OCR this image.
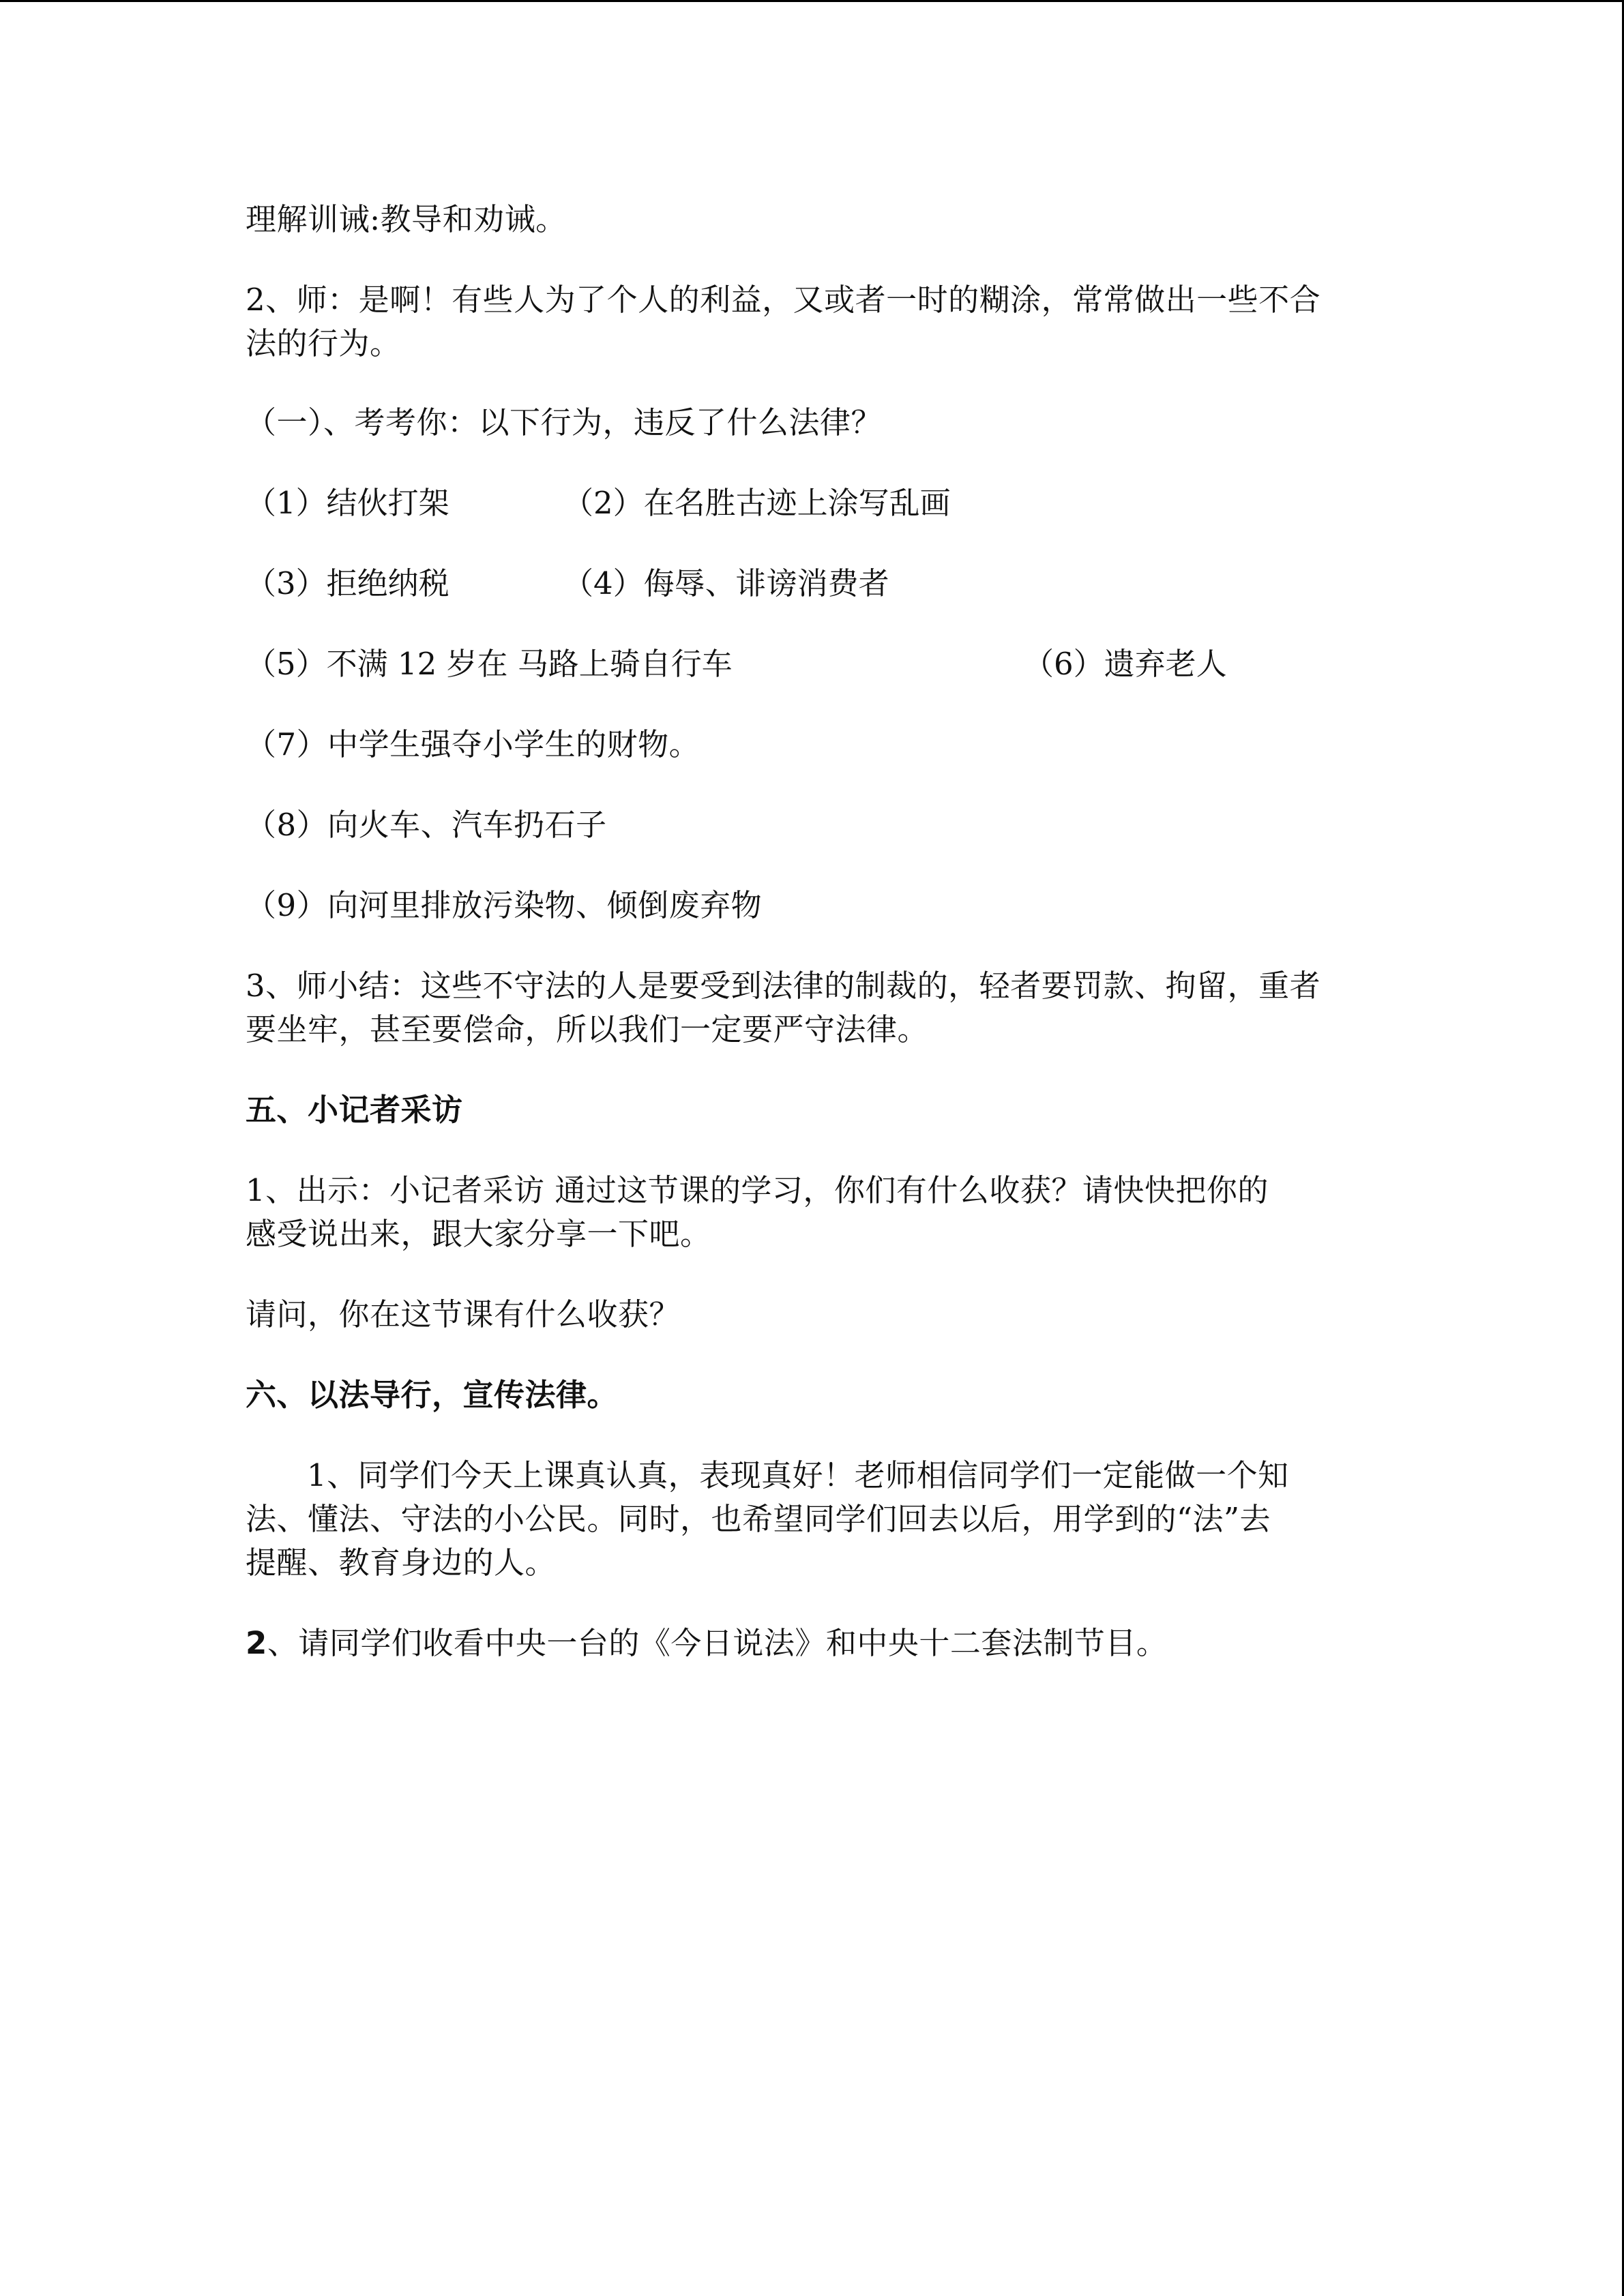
理解训诫:教导和劝诫。
2、师：是啊！有些人为了个人的利益，又或者一时的糊涂，常常做出一些不合
法的行为。
（一）、考考你：以下行为，违反了什么法律？
（1）结伙打架	（2）在名胜古迹上涂写乱画
（3）拒绝纳税	（4）侮辱、诽谤消费者
（5）不满 12 岁在 马路上骑自行车	（6）遗弃老人
（7）中学生强夺小学生的财物。
（8）向火车、汽车扔石子
（9）向河里排放污染物、倾倒废弃物
3、师小结：这些不守法的人是要受到法律的制裁的，轻者要罚款、拘留，重者
要坐牢，甚至要偿命，所以我们一定要严守法律。
五、小记者采访
1、出示：小记者采访 通过这节课的学习，你们有什么收获？请快快把你的
感受说出来，跟大家分享一下吧。
请问，你在这节课有什么收获？
六、以法导行，宣传法律。
1、同学们今天上课真认真，表现真好！老师相信同学们一定能做一个知
法、懂法、守法的小公民。同时，也希望同学们回去以后，用学到的“法”去
提醒、教育身边的人。
2、请同学们收看中央一台的《今日说法》和中央十二套法制节目。
